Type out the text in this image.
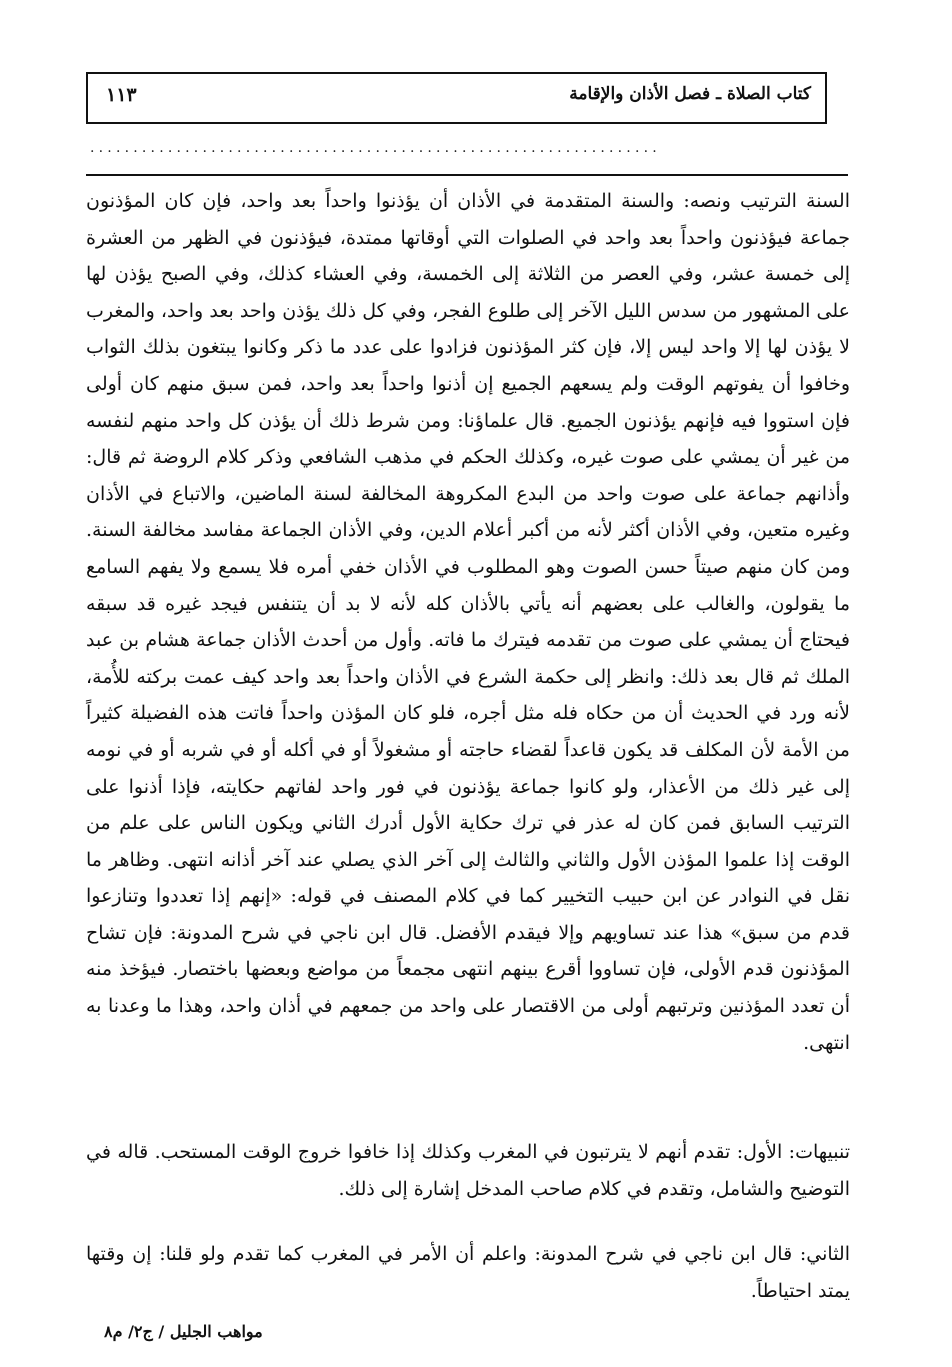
كتاب الصلاة ـ فصل الأذان والإقامة
١١٣
..................................................................

السنة الترتيب ونصه: والسنة المتقدمة في الأذان أن يؤذنوا واحداً بعد واحد، فإن كان المؤذنون جماعة فيؤذنون واحداً بعد واحد في الصلوات التي أوقاتها ممتدة، فيؤذنون في الظهر من العشرة إلى خمسة عشر، وفي العصر من الثلاثة إلى الخمسة، وفي العشاء كذلك، وفي الصبح يؤذن لها على المشهور من سدس الليل الآخر إلى طلوع الفجر، وفي كل ذلك يؤذن واحد بعد واحد، والمغرب لا يؤذن لها إلا واحد ليس إلا، فإن كثر المؤذنون فزادوا على عدد ما ذكر وكانوا يبتغون بذلك الثواب وخافوا أن يفوتهم الوقت ولم يسعهم الجميع إن أذنوا واحداً بعد واحد، فمن سبق منهم كان أولى فإن استووا فيه فإنهم يؤذنون الجميع. قال علماؤنا: ومن شرط ذلك أن يؤذن كل واحد منهم لنفسه من غير أن يمشي على صوت غيره، وكذلك الحكم في مذهب الشافعي وذكر كلام الروضة ثم قال: وأذانهم جماعة على صوت واحد من البدع المكروهة المخالفة لسنة الماضين، والاتباع في الأذان وغيره متعين، وفي الأذان أكثر لأنه من أكبر أعلام الدين، وفي الأذان الجماعة مفاسد مخالفة السنة. ومن كان منهم صيتاً حسن الصوت وهو المطلوب في الأذان خفي أمره فلا يسمع ولا يفهم السامع ما يقولون، والغالب على بعضهم أنه يأتي بالأذان كله لأنه لا بد أن يتنفس فيجد غيره قد سبقه فيحتاج أن يمشي على صوت من تقدمه فيترك ما فاته. وأول من أحدث الأذان جماعة هشام بن عبد الملك ثم قال بعد ذلك: وانظر إلى حكمة الشرع في الأذان واحداً بعد واحد كيف عمت بركته للأُمة، لأنه ورد في الحديث أن من حكاه فله مثل أجره، فلو كان المؤذن واحداً فاتت هذه الفضيلة كثيراً من الأمة لأن المكلف قد يكون قاعداً لقضاء حاجته أو مشغولاً أو في أكله أو في شربه أو في نومه إلى غير ذلك من الأعذار، ولو كانوا جماعة يؤذنون في فور واحد لفاتهم حكايته، فإذا أذنوا على الترتيب السابق فمن كان له عذر في ترك حكاية الأول أدرك الثاني ويكون الناس على علم من الوقت إذا علموا المؤذن الأول والثاني والثالث إلى آخر الذي يصلي عند آخر أذانه انتهى. وظاهر ما نقل في النوادر عن ابن حبيب التخيير كما في كلام المصنف في قوله: «إنهم إذا تعددوا وتنازعوا قدم من سبق» هذا عند تساويهم وإلا فيقدم الأفضل. قال ابن ناجي في شرح المدونة: فإن تشاح المؤذنون قدم الأولى، فإن تساووا أقرع بينهم انتهى مجمعاً من مواضع وبعضها باختصار. فيؤخذ منه أن تعدد المؤذنين وترتبهم أولى من الاقتصار على واحد من جمعهم في أذان واحد، وهذا ما وعدنا به انتهى.

تنبيهات: الأول: تقدم أنهم لا يترتبون في المغرب وكذلك إذا خافوا خروج الوقت المستحب. قاله في التوضيح والشامل، وتقدم في كلام صاحب المدخل إشارة إلى ذلك.

الثاني: قال ابن ناجي في شرح المدونة: واعلم أن الأمر في المغرب كما تقدم ولو قلنا: إن وقتها يمتد احتياطاً.

مواهب الجليل / ج٢/ م٨
